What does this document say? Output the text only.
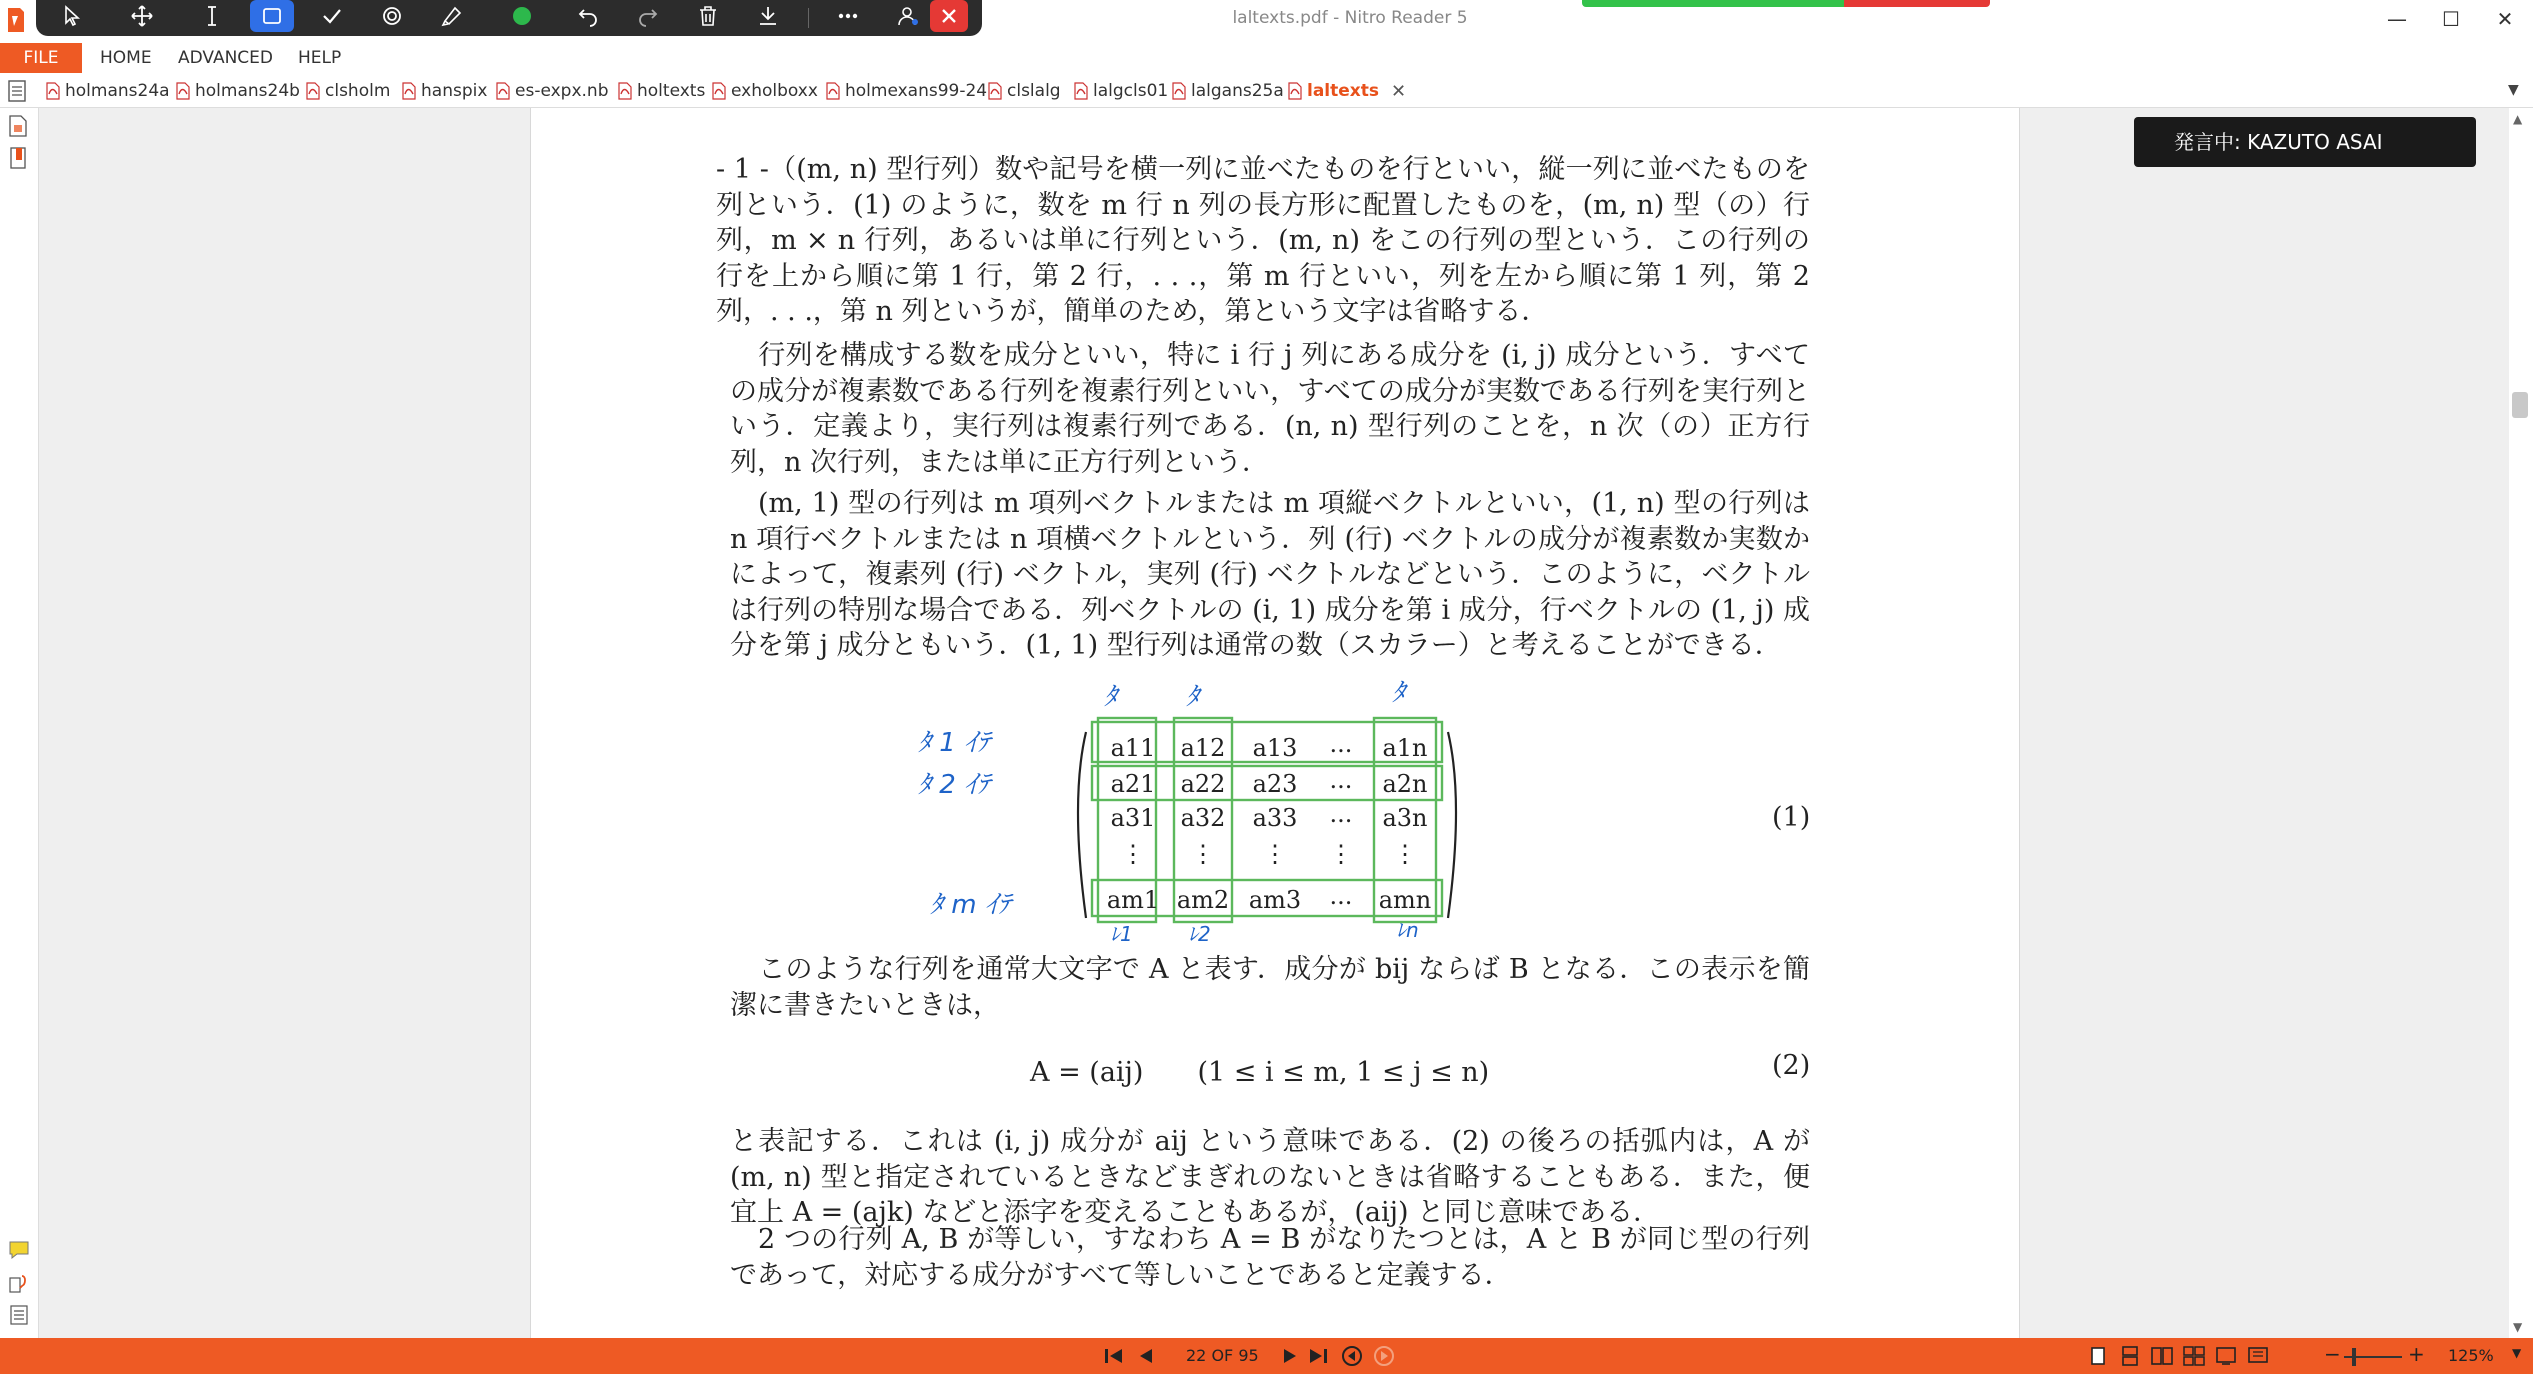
laltexts.pdf - Nitro Reader 5	—	☐	✕
FILE	HOME ADVANCED HELP
holmans24a holmans24b clsholm hanspix es-expx.nb holtexts exholboxx holmexans99-24 clslalg lalgcls01 lalgans25a laltexts ✕	▼
- 1 -（(m, n) 型行列）数や記号を横一列に並べたものを行といい，縦一列に並べたものを列という．(1) のように，数を m 行 n 列の長方形に配置したものを，(m, n) 型（の）行列，m × n 行列，あるいは単に行列という．(m, n) をこの行列の型という．この行列の行を上から順に第 1 行，第 2 行，. . .，第 m 行といい，列を左から順に第 1 列，第 2 列，. . .，第 n 列というが，簡単のため，第という文字は省略する．
行列を構成する数を成分といい，特に i 行 j 列にある成分を (i, j) 成分という．すべての成分が複素数である行列を複素行列といい，すべての成分が実数である行列を実行列という．定義より，実行列は複素行列である．(n, n) 型行列のことを，n 次（の）正方行列，n 次行列，または単に正方行列という．
(m, 1) 型の行列は m 項列ベクトルまたは m 項縦ベクトルといい，(1, n) 型の行列は n 項行ベクトルまたは n 項横ベクトルという．列 (行) ベクトルの成分が複素数か実数かによって，複素列 (行) ベクトル，実列 (行) ベクトルなどという．このように，ベクトルは行列の特別な場合である．列ベクトルの (i, 1) 成分を第 i 成分，行ベクトルの (1, j) 成分を第 j 成分ともいう．(1, 1) 型行列は通常の数（スカラー）と考えることができる．
a11	a12	a13	...	a1n
a21	a22	a23	...	a2n
a31	a32	a33	...	a3n
⋮	⋮	⋮	⋮	⋮
am1 am2 am3	...	amn
ﾀ 1 ｲﾃ
ﾀ 2 ｲﾃ
ﾀ m ｲﾃ
ﾀ	ﾀ	ﾀ
ﾚ1	ﾚ2	ﾚn
(1)
このような行列を通常大文字で A と表す．成分が bij ならば B となる．この表示を簡潔に書きたいときは，
A = (aij)　　(1 ≤ i ≤ m, 1 ≤ j ≤ n)	(2)
と表記する．これは (i, j) 成分が aij という意味である．(2) の後ろの括弧内は，A が (m, n) 型と指定されているときなどまぎれのないときは省略することもある．また，便宜上 A = (ajk) などと添字を変えることもあるが，(aij) と同じ意味である．
2 つの行列 A, B が等しい，すなわち A = B がなりたつとは，A と B が同じ型の行列であって，対応する成分がすべて等しいことであると定義する．
発言中: KAZUTO ASAI
▲
▼
22 OF 95	−	+ 125% ▼
